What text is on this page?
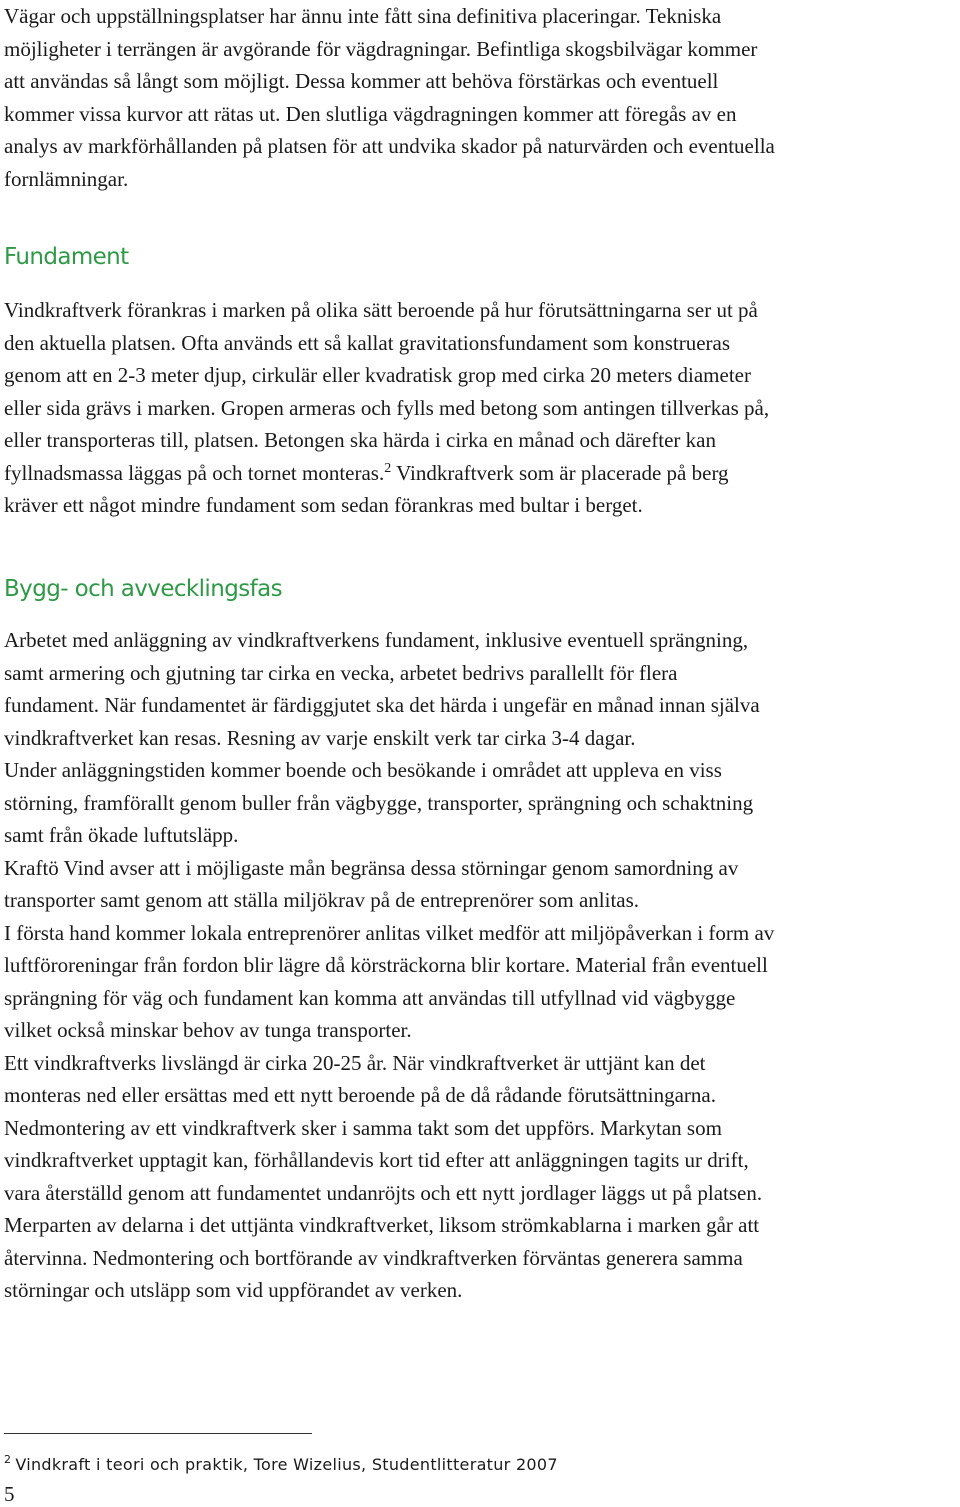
Vägar och uppställningsplatser har ännu inte fått sina definitiva placeringar. Tekniska
möjligheter i terrängen är avgörande för vägdragningar. Befintliga skogsbilvägar kommer
att användas så långt som möjligt. Dessa kommer att behöva förstärkas och eventuell
kommer vissa kurvor att rätas ut. Den slutliga vägdragningen kommer att föregås av en
analys av markförhållanden på platsen för att undvika skador på naturvärden och eventuella
fornlämningar.
Fundament
Vindkraftverk förankras i marken på olika sätt beroende på hur förutsättningarna ser ut på
den aktuella platsen. Ofta används ett så kallat gravitationsfundament som konstrueras
genom att en 2-3 meter djup, cirkulär eller kvadratisk grop med cirka 20 meters diameter
eller sida grävs i marken. Gropen armeras och fylls med betong som antingen tillverkas på,
eller transporteras till, platsen. Betongen ska härda i cirka en månad och därefter kan
fyllnadsmassa läggas på och tornet monteras.$^2$ Vindkraftverk som är placerade på berg
kräver ett något mindre fundament som sedan förankras med bultar i berget.
Bygg- och avvecklingsfas
Arbetet med anläggning av vindkraftverkens fundament, inklusive eventuell sprängning,
samt armering och gjutning tar cirka en vecka, arbetet bedrivs parallellt för flera
fundament. När fundamentet är färdiggjutet ska det härda i ungefär en månad innan själva
vindkraftverket kan resas. Resning av varje enskilt verk tar cirka 3-4 dagar.
Under anläggningstiden kommer boende och besökande i området att uppleva en viss
störning, framförallt genom buller från vägbygge, transporter, sprängning och schaktning
samt från ökade luftutsläpp.
Kraftö Vind avser att i möjligaste mån begränsa dessa störningar genom samordning av
transporter samt genom att ställa miljökrav på de entreprenörer som anlitas.
I första hand kommer lokala entreprenörer anlitas vilket medför att miljöpåverkan i form av
luftföroreningar från fordon blir lägre då körsträckorna blir kortare. Material från eventuell
sprängning för väg och fundament kan komma att användas till utfyllnad vid vägbygge
vilket också minskar behov av tunga transporter.
Ett vindkraftverks livslängd är cirka 20-25 år. När vindkraftverket är uttjänt kan det
monteras ned eller ersättas med ett nytt beroende på de då rådande förutsättningarna.
Nedmontering av ett vindkraftverk sker i samma takt som det uppförs. Markytan som
vindkraftverket upptagit kan, förhållandevis kort tid efter att anläggningen tagits ur drift,
vara återställd genom att fundamentet undanröjts och ett nytt jordlager läggs ut på platsen.
Merparten av delarna i det uttjänta vindkraftverket, liksom strömkablarna i marken går att
återvinna. Nedmontering och bortförande av vindkraftverken förväntas generera samma
störningar och utsläpp som vid uppförandet av verken.
$^2$ Vindkraft i teori och praktik, Tore Wizelius, Studentlitteratur 2007
5
